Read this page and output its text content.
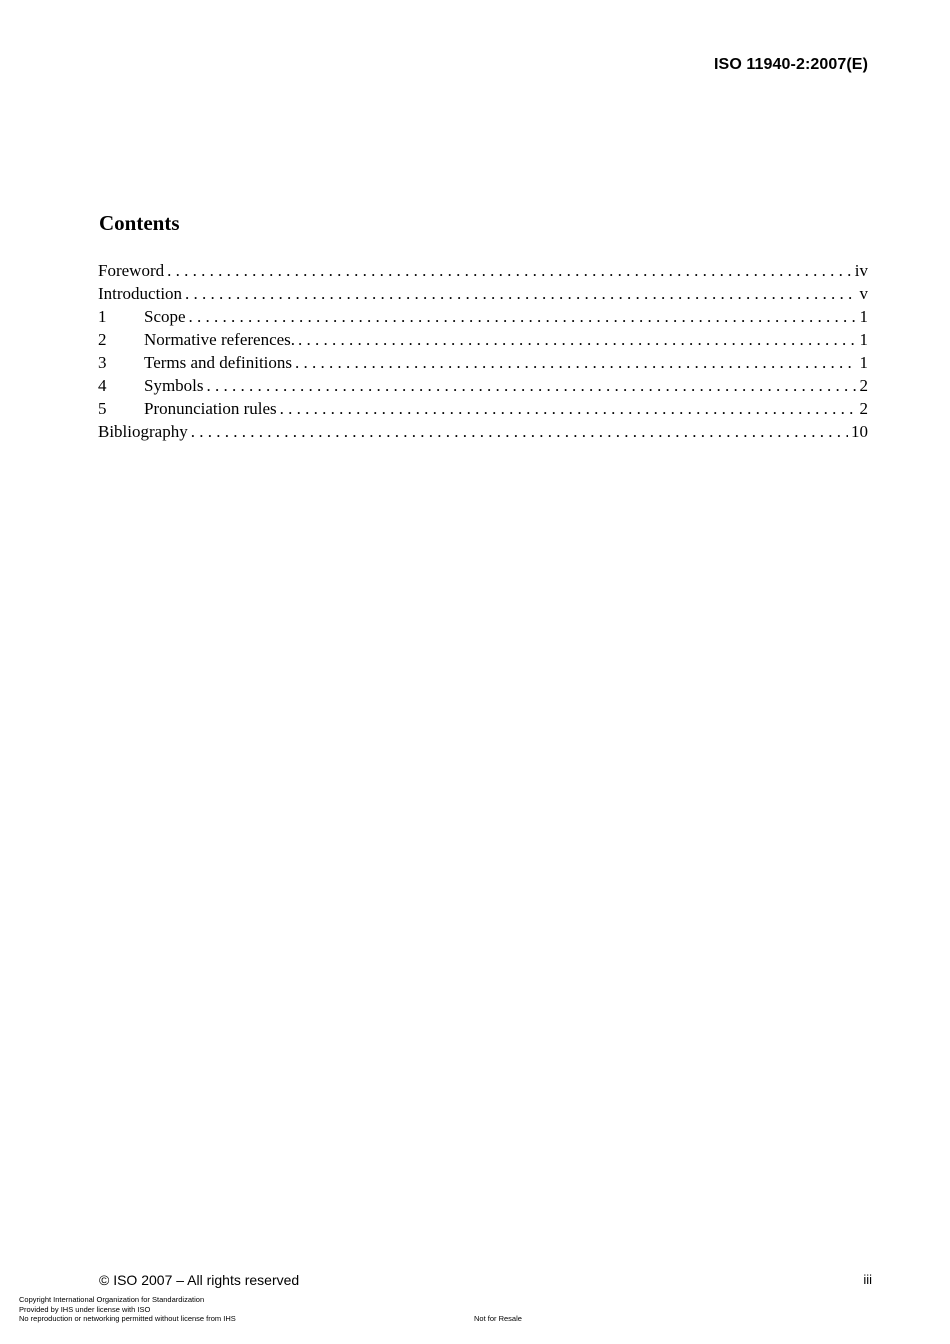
ISO 11940-2:2007(E)
Contents
Foreword . . .	iv
Introduction . . .	v
1	Scope . . .	1
2	Normative references. . . .	1
3	Terms and definitions . . .	1
4	Symbols . . .	2
5	Pronunciation rules . . .	2
Bibliography . . .	10
© ISO 2007 – All rights reserved	iii
Copyright International Organization for Standardization
Provided by IHS under license with ISO
No reproduction or networking permitted without license from IHS	Not for Resale
